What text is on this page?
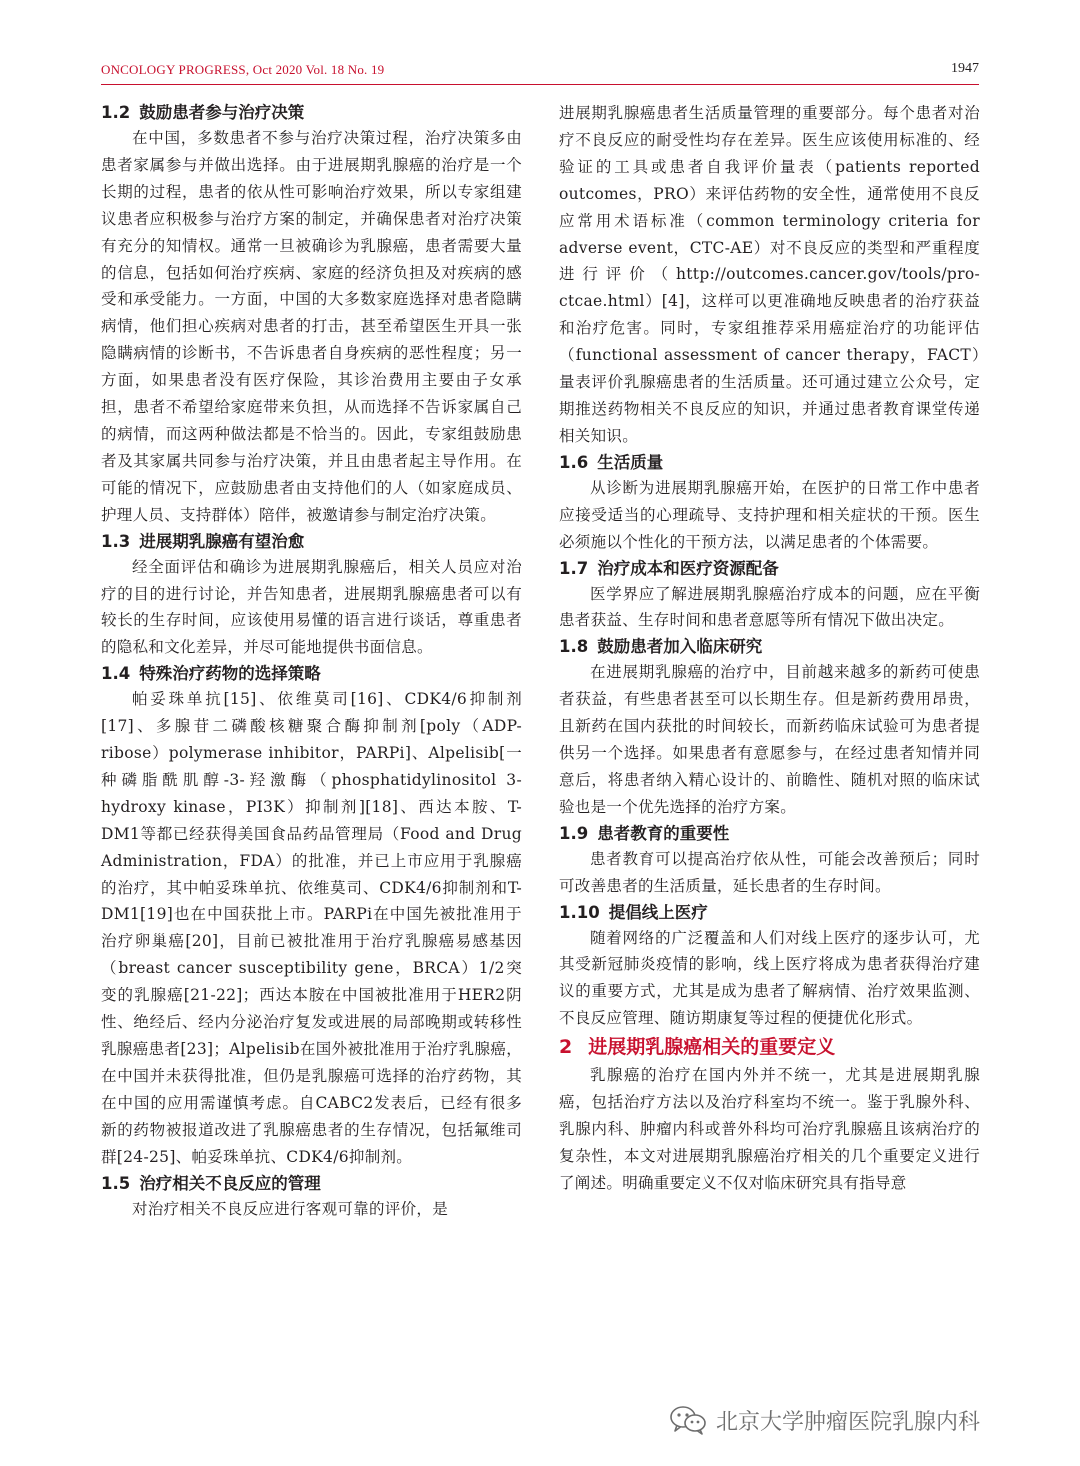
ONCOLOGY PROGRESS, Oct 2020 Vol. 18 No. 19	1947
1.2 鼓励患者参与治疗决策

在中国，多数患者不参与治疗决策过程，治疗决策多由患者家属参与并做出选择。由于进展期乳腺癌的治疗是一个长期的过程，患者的依从性可影响治疗效果，所以专家组建议患者应积极参与治疗方案的制定，并确保患者对治疗决策有充分的知情权。通常一旦被确诊为乳腺癌，患者需要大量的信息，包括如何治疗疾病、家庭的经济负担及对疾病的感受和承受能力。一方面，中国的大多数家庭选择对患者隐瞒病情，他们担心疾病对患者的打击，甚至希望医生开具一张隐瞒病情的诊断书，不告诉患者自身疾病的恶性程度；另一方面，如果患者没有医疗保险，其诊治费用主要由子女承担，患者不希望给家庭带来负担，从而选择不告诉家属自己的病情，而这两种做法都是不恰当的。因此，专家组鼓励患者及其家属共同参与治疗决策，并且由患者起主导作用。在可能的情况下，应鼓励患者由支持他们的人（如家庭成员、护理人员、支持群体）陪伴，被邀请参与制定治疗决策。

1.3 进展期乳腺癌有望治愈

经全面评估和确诊为进展期乳腺癌后，相关人员应对治疗的目的进行讨论，并告知患者，进展期乳腺癌患者可以有较长的生存时间，应该使用易懂的语言进行谈话，尊重患者的隐私和文化差异，并尽可能地提供书面信息。

1.4 特殊治疗药物的选择策略

帕妥珠单抗[15]、依维莫司[16]、CDK4/6抑制剂[17]、多腺苷二磷酸核糖聚合酶抑制剂[poly（ADP-ribose）polymerase inhibitor，PARPi]、Alpelisib[一种磷脂酰肌醇-3-羟激酶（phosphatidylinositol 3-hydroxy kinase，PI3K）抑制剂][18]、西达本胺、T-DM1等都已经获得美国食品药品管理局（Food and Drug Administration，FDA）的批准，并已上市应用于乳腺癌的治疗，其中帕妥珠单抗、依维莫司、CDK4/6抑制剂和T-DM1[19]也在中国获批上市。PARPi在中国先被批准用于治疗卵巢癌[20]，目前已被批准用于治疗乳腺癌易感基因（breast cancer susceptibility gene，BRCA）1/2突变的乳腺癌[21-22]；西达本胺在中国被批准用于HER2阴性、绝经后、经内分泌治疗复发或进展的局部晚期或转移性乳腺癌患者[23]；Alpelisib在国外被批准用于治疗乳腺癌，在中国并未获得批准，但仍是乳腺癌可选择的治疗药物，其在中国的应用需谨慎考虑。自CABC2发表后，已经有很多新的药物被报道改进了乳腺癌患者的生存情况，包括氟维司群[24-25]、帕妥珠单抗、CDK4/6抑制剂。

1.5 治疗相关不良反应的管理

对治疗相关不良反应进行客观可靠的评价，是

进展期乳腺癌患者生活质量管理的重要部分。每个患者对治疗不良反应的耐受性均存在差异。医生应该使用标准的、经验证的工具或患者自我评价量表（patients reported outcomes，PRO）来评估药物的安全性，通常使用不良反应常用术语标准（common terminology criteria for adverse event，CTC-AE）对不良反应的类型和严重程度进行评价（http://outcomes.cancer.gov/tools/pro- ctcae.html）[4]，这样可以更准确地反映患者的治疗获益和治疗危害。同时，专家组推荐采用癌症治疗的功能评估（functional assessment of cancer therapy，FACT）量表评价乳腺癌患者的生活质量。还可通过建立公众号，定期推送药物相关不良反应的知识，并通过患者教育课堂传递相关知识。

1.6 生活质量

从诊断为进展期乳腺癌开始，在医护的日常工作中患者应接受适当的心理疏导、支持护理和相关症状的干预。医生必须施以个性化的干预方法，以满足患者的个体需要。

1.7 治疗成本和医疗资源配备

医学界应了解进展期乳腺癌治疗成本的问题，应在平衡患者获益、生存时间和患者意愿等所有情况下做出决定。

1.8 鼓励患者加入临床研究

在进展期乳腺癌的治疗中，目前越来越多的新药可使患者获益，有些患者甚至可以长期生存。但是新药费用昂贵，且新药在国内获批的时间较长，而新药临床试验可为患者提供另一个选择。如果患者有意愿参与，在经过患者知情并同意后，将患者纳入精心设计的、前瞻性、随机对照的临床试验也是一个优先选择的治疗方案。

1.9 患者教育的重要性

患者教育可以提高治疗依从性，可能会改善预后；同时可改善患者的生活质量，延长患者的生存时间。

1.10 提倡线上医疗

随着网络的广泛覆盖和人们对线上医疗的逐步认可，尤其受新冠肺炎疫情的影响，线上医疗将成为患者获得治疗建议的重要方式，尤其是成为患者了解病情、治疗效果监测、不良反应管理、随访期康复等过程的便捷优化形式。

2 进展期乳腺癌相关的重要定义

乳腺癌的治疗在国内外并不统一，尤其是进展期乳腺癌，包括治疗方法以及治疗科室均不统一。鉴于乳腺外科、乳腺内科、肿瘤内科或普外科均可治疗乳腺癌且该病治疗的复杂性，本文对进展期乳腺癌治疗相关的几个重要定义进行了阐述。明确重要定义不仅对临床研究具有指导意

北京大学肿瘤医院乳腺内科
